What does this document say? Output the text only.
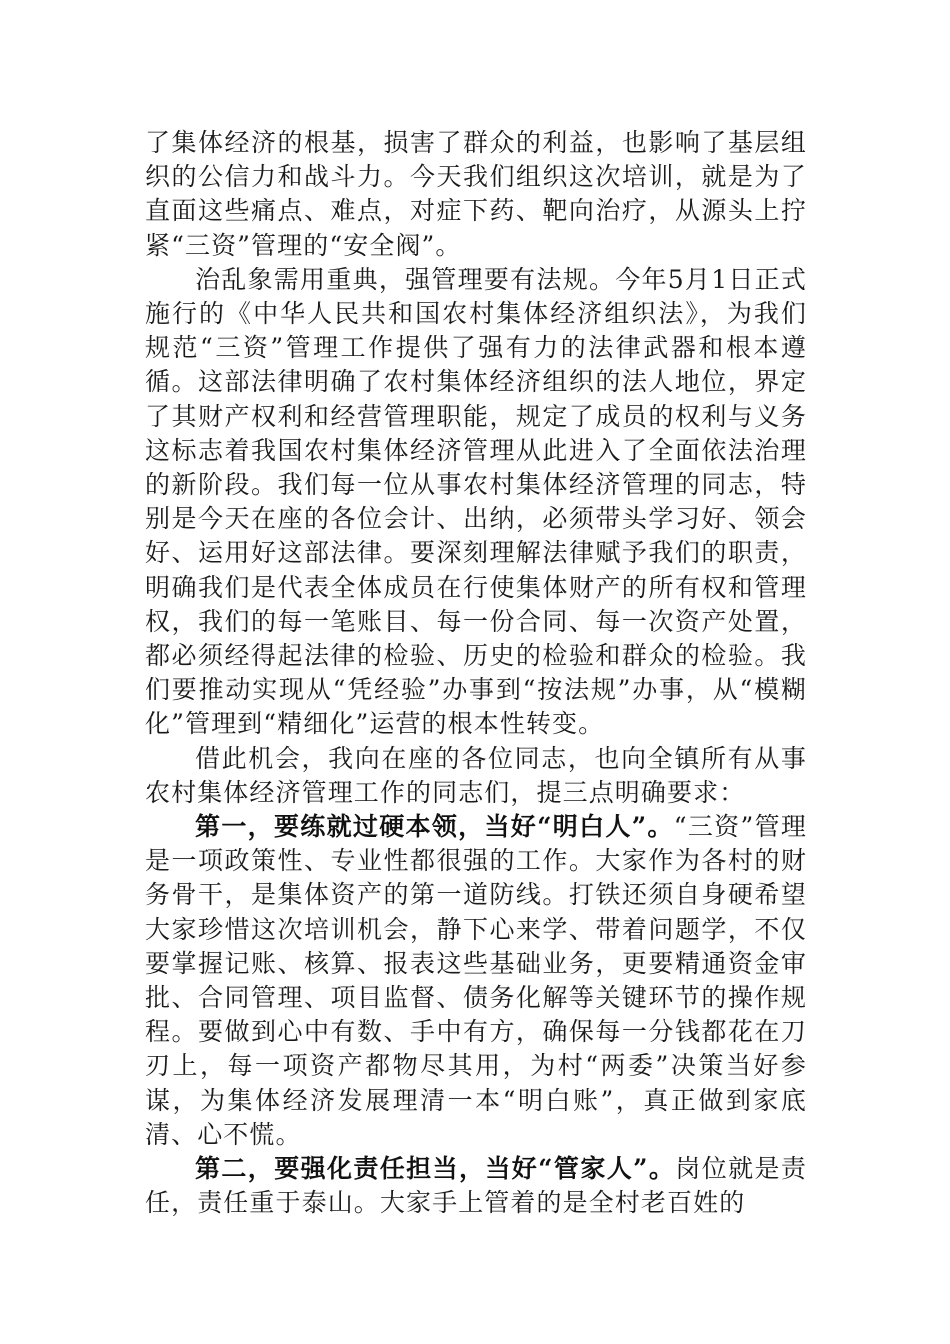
了集体经济的根基，损害了群众的利益，也影响了基层组织的公信力和战斗力。今天我们组织这次培训，就是为了直面这些痛点、难点，对症下药、靶向治疗，从源头上拧紧“三资”管理的“安全阀”。

治乱象需用重典，强管理要有法规。今年5月1日正式施行的《中华人民共和国农村集体经济组织法》，为我们规范“三资”管理工作提供了强有力的法律武器和根本遵循。这部法律明确了农村集体经济组织的法人地位，界定了其财产权利和经营管理职能，规定了成员的权利与义务这标志着我国农村集体经济管理从此进入了全面依法治理的新阶段。我们每一位从事农村集体经济管理的同志，特别是今天在座的各位会计、出纳，必须带头学习好、领会好、运用好这部法律。要深刻理解法律赋予我们的职责，明确我们是代表全体成员在行使集体财产的所有权和管理权，我们的每一笔账目、每一份合同、每一次资产处置，都必须经得起法律的检验、历史的检验和群众的检验。我们要推动实现从“凭经验”办事到“按法规”办事，从“模糊化”管理到“精细化”运营的根本性转变。

借此机会，我向在座的各位同志，也向全镇所有从事农村集体经济管理工作的同志们，提三点明确要求：

第一，要练就过硬本领，当好“明白人”。“三资”管理是一项政策性、专业性都很强的工作。大家作为各村的财务骨干，是集体资产的第一道防线。打铁还须自身硬希望大家珍惜这次培训机会，静下心来学、带着问题学，不仅要掌握记账、核算、报表这些基础业务，更要精通资金审批、合同管理、项目监督、债务化解等关键环节的操作规程。要做到心中有数、手中有方，确保每一分钱都花在刀刃上，每一项资产都物尽其用，为村“两委”决策当好参谋，为集体经济发展理清一本“明白账”，真正做到家底清、心不慌。

第二，要强化责任担当，当好“管家人”。岗位就是责任，责任重于泰山。大家手上管着的是全村老百姓的
